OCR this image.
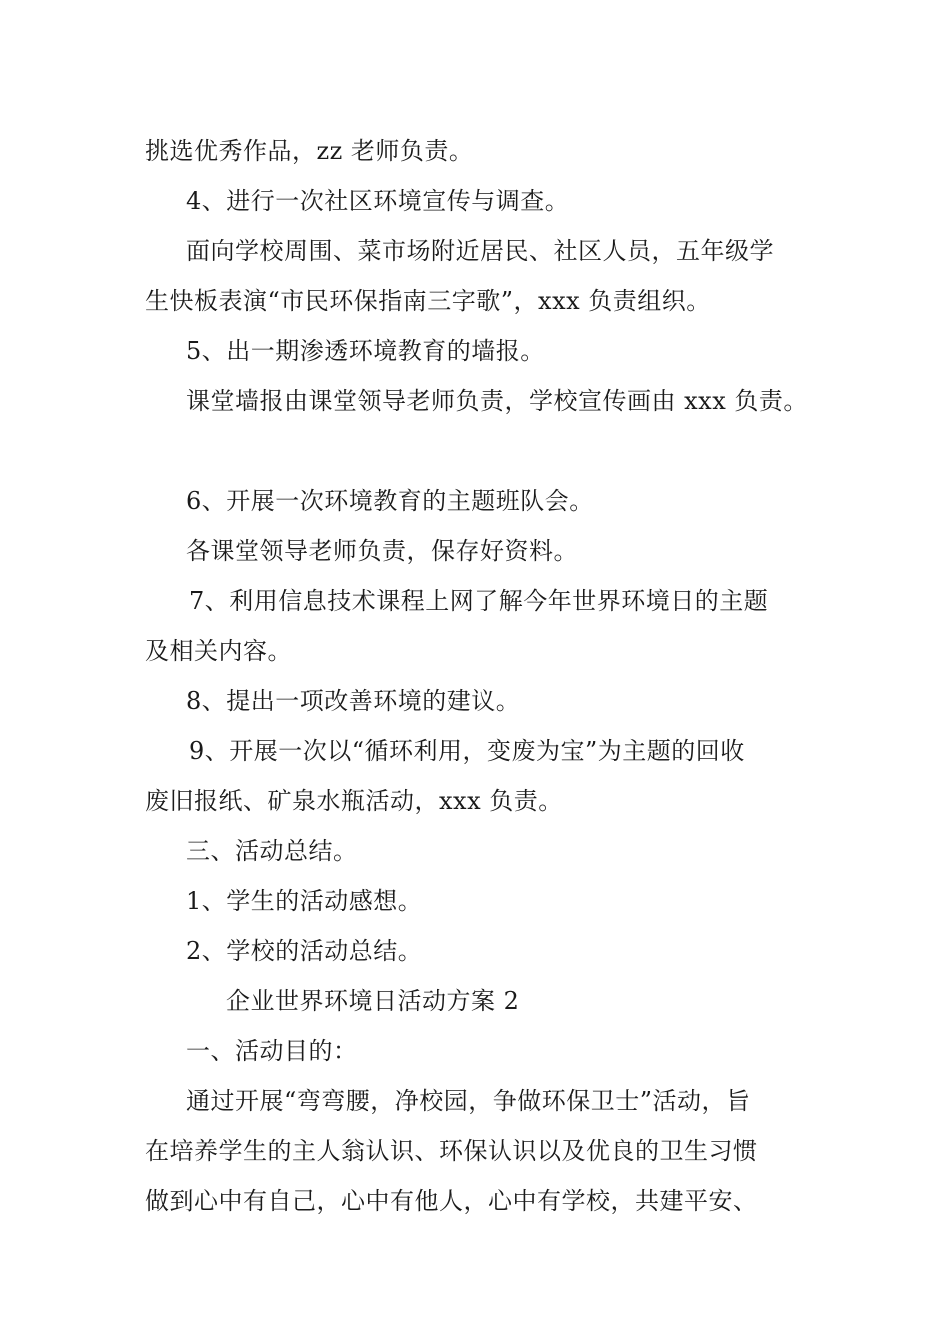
挑选优秀作品，zz 老师负责。
4、进行一次社区环境宣传与调查。
面向学校周围、菜市场附近居民、社区人员，五年级学
生快板表演“市民环保指南三字歌”，xxx 负责组织。
5、出一期渗透环境教育的墙报。
课堂墙报由课堂领导老师负责，学校宣传画由 xxx 负责。
6、开展一次环境教育的主题班队会。
各课堂领导老师负责，保存好资料。
7、利用信息技术课程上网了解今年世界环境日的主题
及相关内容。
8、提出一项改善环境的建议。
9、开展一次以“循环利用，变废为宝”为主题的回收
废旧报纸、矿泉水瓶活动，xxx 负责。
三、活动总结。
1、学生的活动感想。
2、学校的活动总结。
企业世界环境日活动方案 2
一、活动目的：
通过开展“弯弯腰，净校园，争做环保卫士”活动，旨
在培养学生的主人翁认识、环保认识以及优良的卫生习惯
做到心中有自己，心中有他人，心中有学校，共建平安、
